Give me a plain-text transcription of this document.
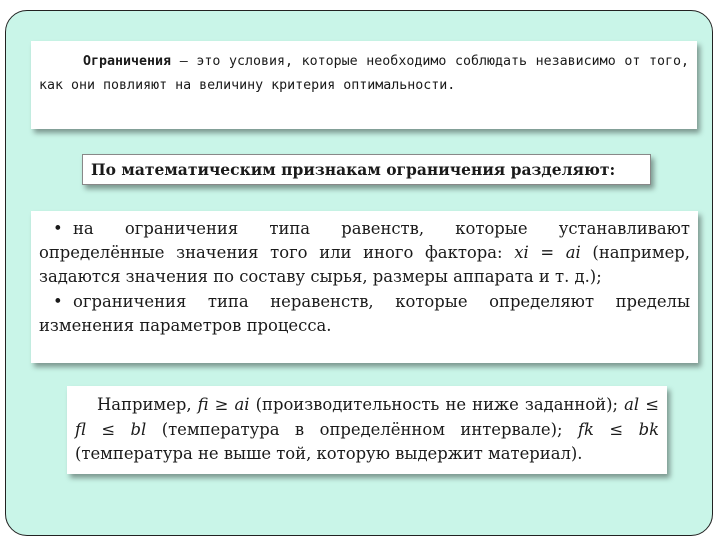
Ограничения – это условия, которые необходимо соблюдать независимо от того, как они повлияют на величину критерия оптимальности.
По математическим признакам ограничения разделяют:

• на ограничения типа равенств, которые устанавливают определённые значения того или иного фактора: xi = ai (например, задаются значения по составу сырья, размеры аппарата и т. д.);

• ограничения типа неравенств, которые определяют пределы изменения параметров процесса.

Например, fi ≥ ai (производительность не ниже заданной); al ≤ fl ≤ bl (температура в определённом интервале); fk ≤ bk (температура не выше той, которую выдержит материал).
